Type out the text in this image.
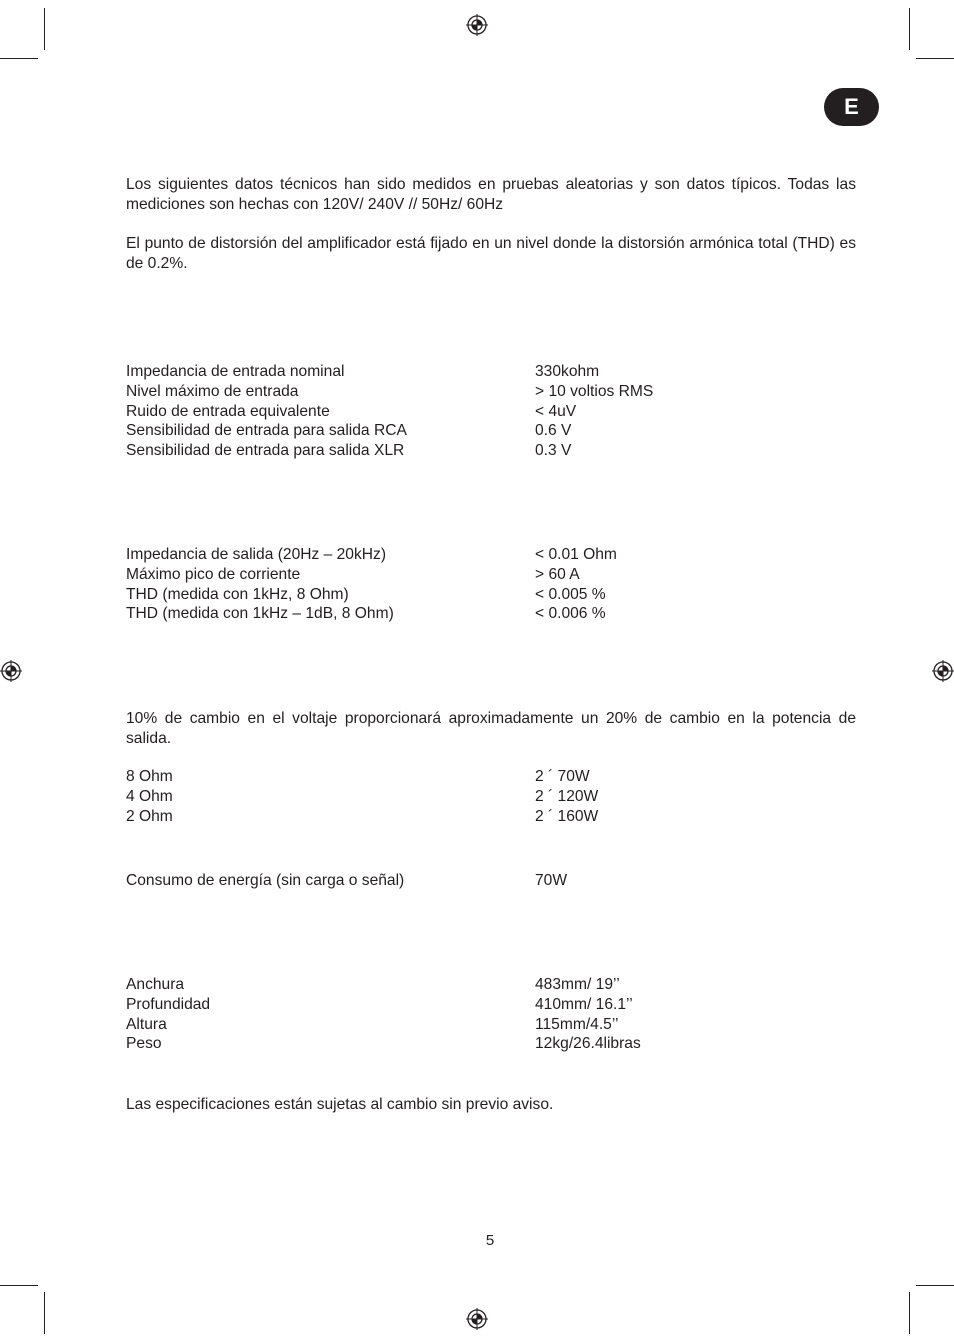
E

Los siguientes datos técnicos han sido medidos en pruebas aleatorias y son datos típicos. Todas las mediciones son hechas con 120V/ 240V // 50Hz/ 60Hz

El punto de distorsión del amplificador está fijado en un nivel donde la distorsión armónica total (THD) es de 0.2%.

Impedancia de entrada nominal	330kohm
Nivel máximo de entrada	> 10 voltios RMS
Ruido de entrada equivalente	< 4uV
Sensibilidad de entrada para salida RCA	0.6 V
Sensibilidad de entrada para salida XLR	0.3 V
Impedancia de salida (20Hz – 20kHz)	< 0.01 Ohm
Máximo pico de corriente	> 60 A
THD (medida con 1kHz, 8 Ohm)	< 0.005 %
THD (medida con 1kHz – 1dB, 8 Ohm)	< 0.006 %

10% de cambio en el voltaje proporcionará aproximadamente un 20% de cambio en la potencia de salida.

8 Ohm	2 ´ 70W
4 Ohm	2 ´ 120W
2 Ohm	2 ´ 160W
Consumo de energía (sin carga o señal)	70W
Anchura	483mm/ 19’’
Profundidad	410mm/ 16.1’’
Altura	115mm/4.5’’
Peso	12kg/26.4libras

Las especificaciones están sujetas al cambio sin previo aviso.

5
